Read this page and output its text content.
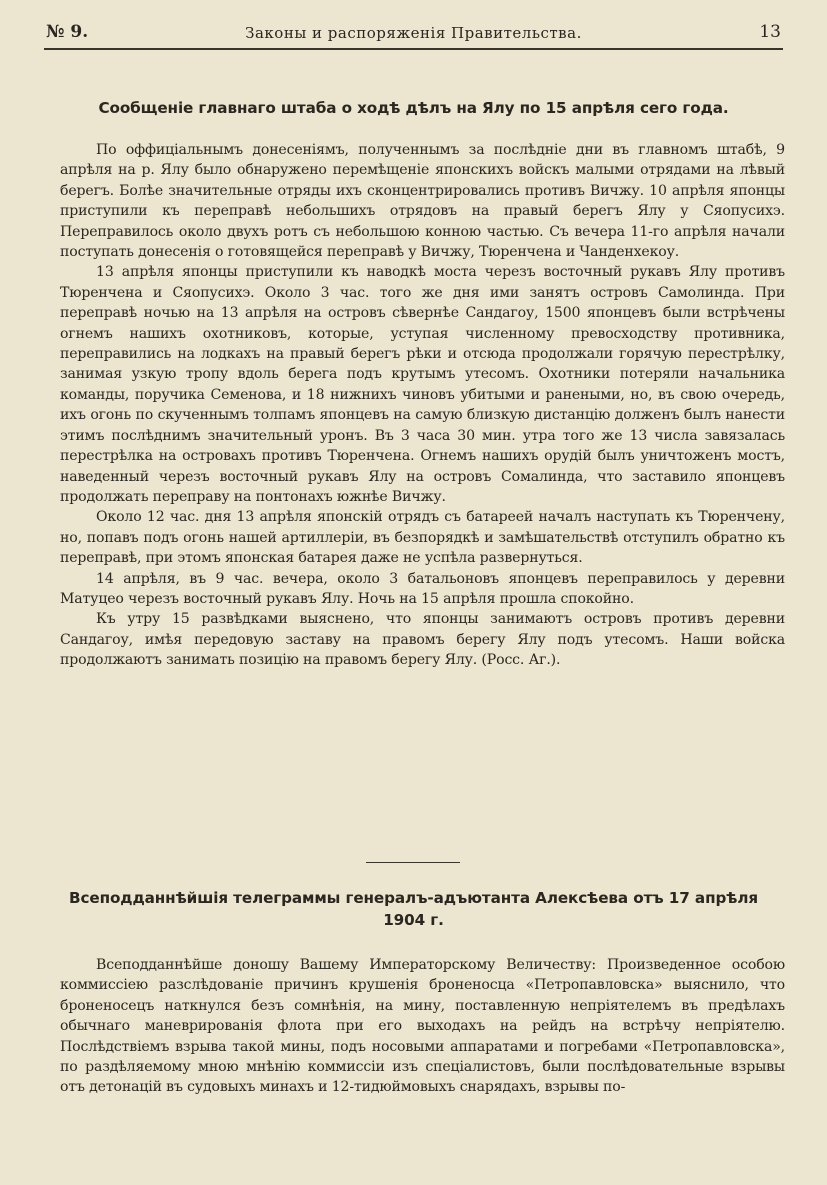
№ 9.	Законы и распоряженія Правительства.	13
Сообщеніе главнаго штаба о ходѣ дѣлъ на Ялу по 15 апрѣля сего года.

По оффиціальнымъ донесеніямъ, полученнымъ за послѣдніе дни въ главномъ штабѣ, 9 апрѣля на р. Ялу было обнаружено перемѣщеніе японскихъ войскъ малыми отрядами на лѣвый берегъ. Болѣе значительные отряды ихъ сконцентрировались противъ Вичжу. 10 апрѣля японцы приступили къ переправѣ небольшихъ отрядовъ на правый берегъ Ялу у Сяопусихэ. Переправилось около двухъ ротъ съ небольшою конною частью. Съ вечера 11-го апрѣля начали поступать донесенія о готовящейся переправѣ у Вичжу, Тюренчена и Чанденхекоу.

13 апрѣля японцы приступили къ наводкѣ моста черезъ восточный рукавъ Ялу противъ Тюренчена и Сяопусихэ. Около 3 час. того же дня ими занятъ островъ Самолинда. При переправѣ ночью на 13 апрѣля на островъ сѣвернѣе Сандагоу, 1500 японцевъ были встрѣчены огнемъ нашихъ охотниковъ, которые, уступая численному превосходству противника, переправились на лодкахъ на правый берегъ рѣки и отсюда продолжали горячую перестрѣлку, занимая узкую тропу вдоль берега подъ крутымъ утесомъ. Охотники потеряли начальника команды, поручика Семенова, и 18 нижнихъ чиновъ убитыми и ранеными, но, въ свою очередь, ихъ огонь по скученнымъ толпамъ японцевъ на самую близкую дистанцію долженъ былъ нанести этимъ послѣднимъ значительный уронъ. Въ 3 часа 30 мин. утра того же 13 числа завязалась перестрѣлка на островахъ противъ Тюренчена. Огнемъ нашихъ орудій былъ уничтоженъ мостъ, наведенный черезъ восточный рукавъ Ялу на островъ Сомалинда, что заставило японцевъ продолжать переправу на понтонахъ южнѣе Вичжу.

Около 12 час. дня 13 апрѣля японскій отрядъ съ батареей началъ наступать къ Тюренчену, но, попавъ подъ огонь нашей артиллеріи, въ безпорядкѣ и замѣшательствѣ отступилъ обратно къ переправѣ, при этомъ японская батарея даже не успѣла развернуться.

14 апрѣля, въ 9 час. вечера, около 3 батальоновъ японцевъ переправилось у деревни Матуцео черезъ восточный рукавъ Ялу. Ночь на 15 апрѣля прошла спокойно.

Къ утру 15 развѣдками выяснено, что японцы занимаютъ островъ противъ деревни Сандагоу, имѣя передовую заставу на правомъ берегу Ялу подъ утесомъ. Наши войска продолжаютъ занимать позицію на правомъ берегу Ялу. (Росс. Аг.).

Всеподданнѣйшія телеграммы генералъ-адъютанта Алексѣева отъ 17 апрѣля 1904 г.

Всеподданнѣйше доношу Вашему Императорскому Величеству: Произведенное особою коммиссіею разслѣдованіе причинъ крушенія броненосца «Петропавловска» выяснило, что броненосецъ наткнулся безъ сомнѣнія, на мину, поставленную непріятелемъ въ предѣлахъ обычнаго маневрированія флота при его выходахъ на рейдъ на встрѣчу непріятелю. Послѣдствіемъ взрыва такой мины, подъ носовыми аппаратами и погребами «Петропавловска», по раздѣляемому мною мнѣнію коммиссіи изъ спеціалистовъ, были послѣдовательные взрывы отъ детонацій въ судовыхъ минахъ и 12-тидюймовыхъ снарядахъ, взрывы по-
